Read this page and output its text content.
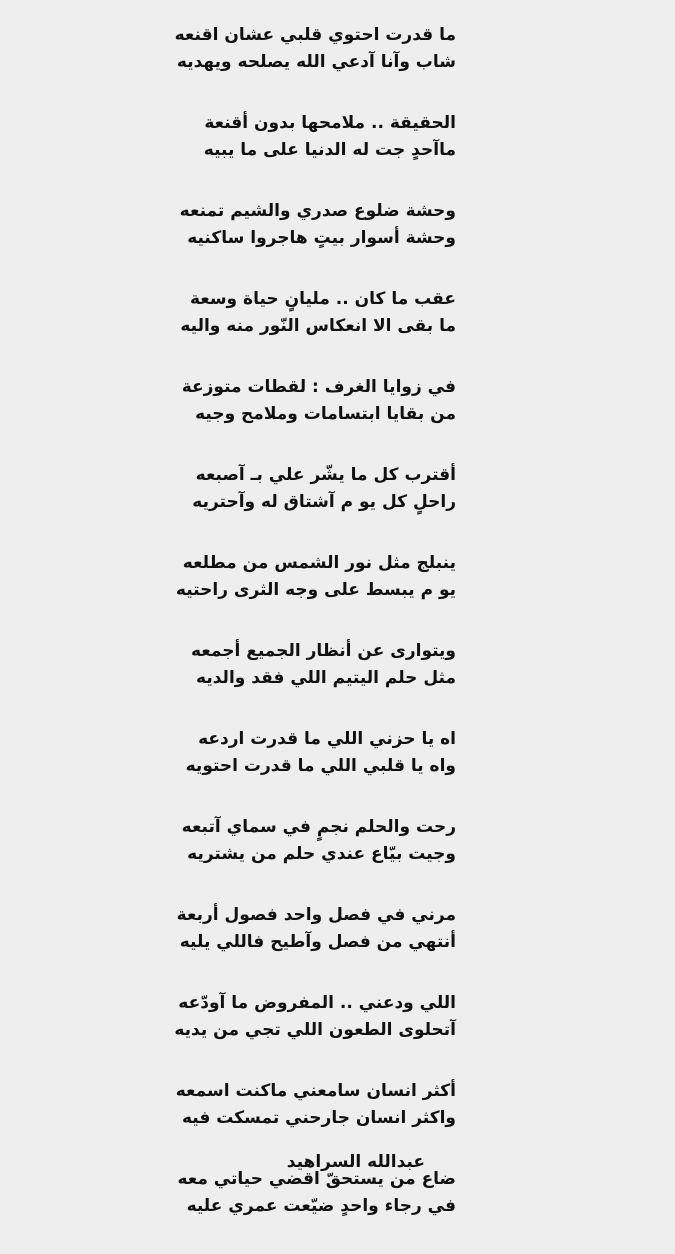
ما قدرت احتوي قلبي عشان اقنعه
شاب وآنا آدعي الله يصلحه ويهديه
الحقيقة .. ملامحها بدون أقنعة
ماآحدٍ جت له الدنيا على ما يبيه
وحشة ضلوع صدري والشيم تمنعه
وحشة أسوار بيتٍ هاجروا ساكنيه
عقب ما كان .. مليانٍ حياة وسعة
ما بقى الا انعكاس النّور منه واليه
في زوايا الغرف : لقطات متوزعة
من بقايا ابتسامات وملامح وجيه
أقترب كل ما يشّر علي بـ آصبعه
راحلٍ كل يو م آشتاق له وآحتريه
ينبلج مثل نور الشمس من مطلعه
يو م يبسط على وجه الثرى راحتيه
ويتوارى عن أنظار الجميع أجمعه
مثل حلم اليتيم اللي فقد والديه
اه يا حزني اللي ما قدرت اردعه
واه يا قلبي اللي ما قدرت احتويه
رحت والحلم نجمٍ في سماي آتبعه
وجيت بيّاع عندي حلم من يشتريه
مرني في فصل واحد فصول أربعة
أنتهي من فصل وآطيح فاللي يليه
اللي ودعني .. المفروض ما آودّعه
آتحلوى الطعون اللي تجي من يديه
أكثر انسان سامعني ماكنت اسمعه
واكثر انسان جارحني تمسكت فيه
ضاع من يستحقّ اقضي حياتي معه
في رجاء واحدٍ ضيّعت عمري عليه
عبدالله السراهيد
